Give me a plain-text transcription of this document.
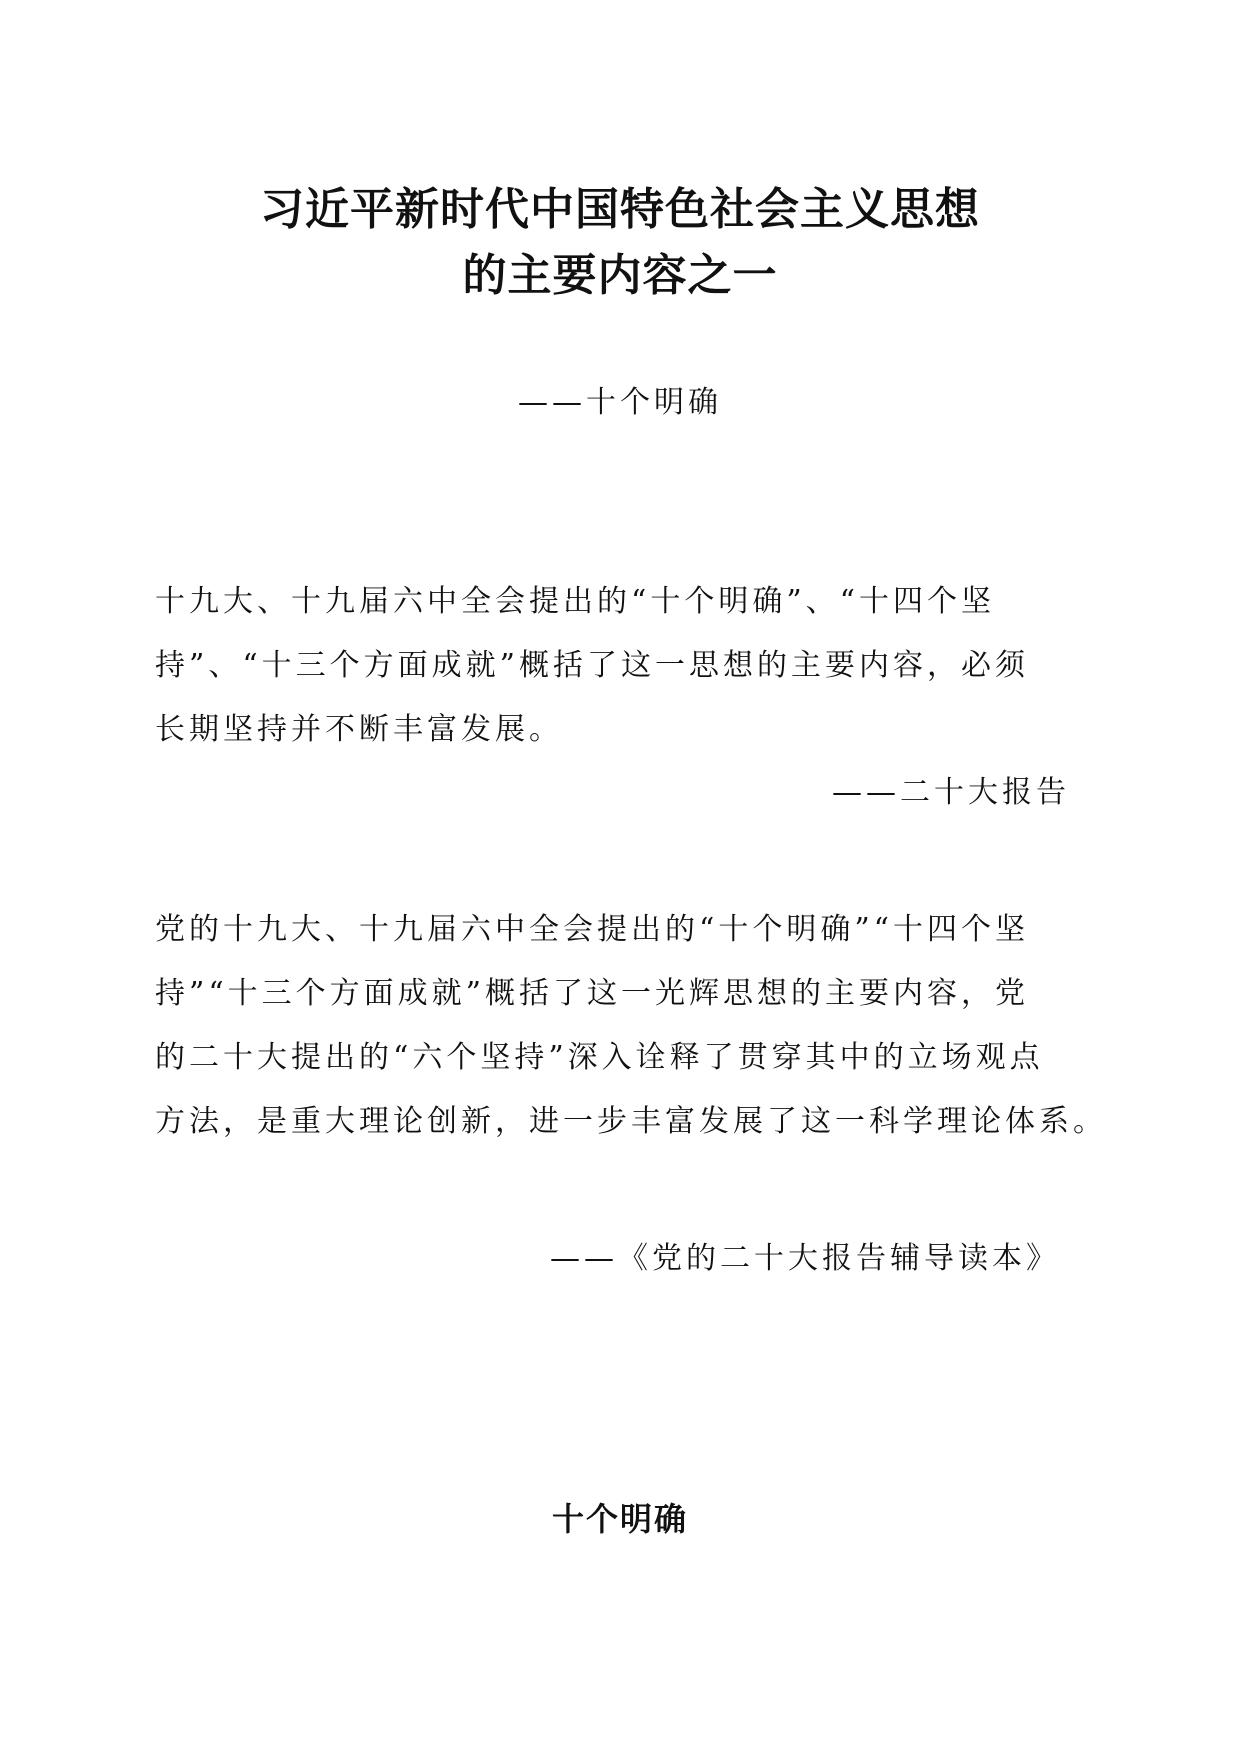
习近平新时代中国特色社会主义思想
的主要内容之一

——十个明确

十九大、十九届六中全会提出的“十个明确”、“十四个坚
持”、“十三个方面成就”概括了这一思想的主要内容，必须
长期坚持并不断丰富发展。

——二十大报告

党的十九大、十九届六中全会提出的“十个明确”“十四个坚
持”“十三个方面成就”概括了这一光辉思想的主要内容，党
的二十大提出的“六个坚持”深入诠释了贯穿其中的立场观点
方法，是重大理论创新，进一步丰富发展了这一科学理论体系。

——《党的二十大报告辅导读本》

十个明确
